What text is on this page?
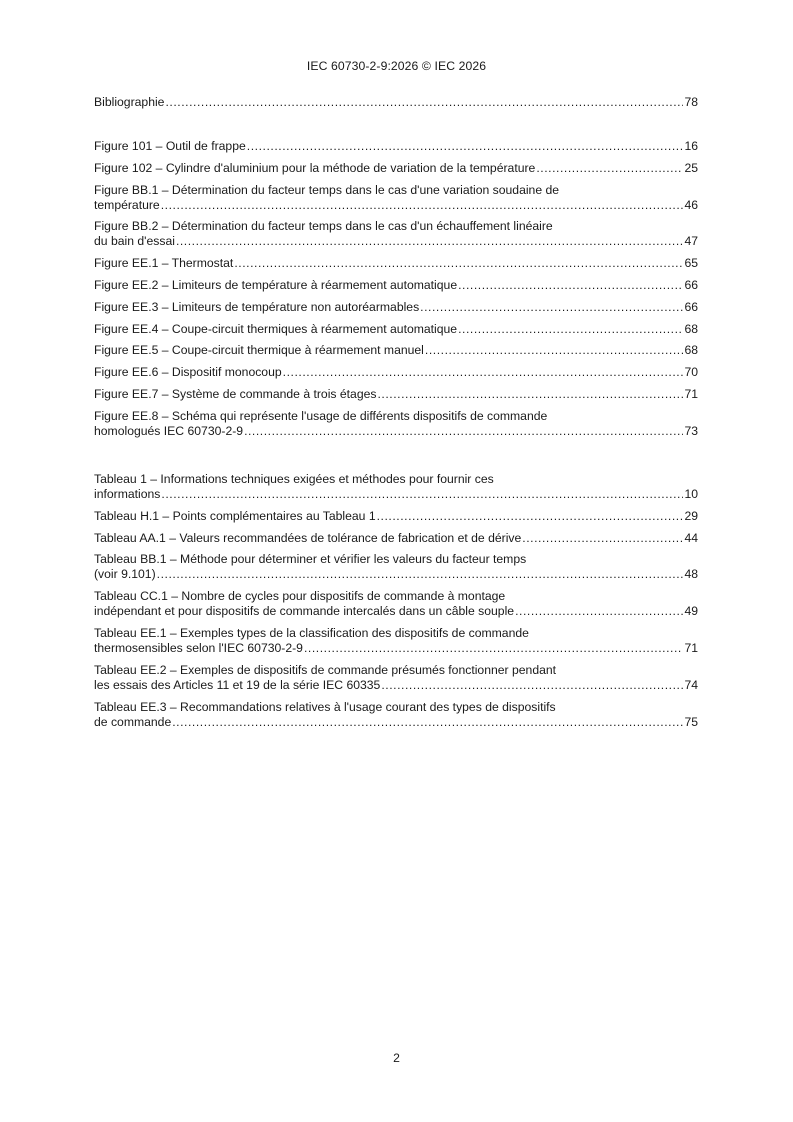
IEC 60730-2-9:2026 © IEC 2026
Bibliographie .....	78
Figure 101 – Outil de frappe .....	16
Figure 102 – Cylindre d'aluminium pour la méthode de variation de la température .....	25
Figure BB.1 – Détermination du facteur temps dans le cas d'une variation soudaine de
température .....	46
Figure BB.2 – Détermination du facteur temps dans le cas d'un échauffement linéaire
du bain d'essai .....	47
Figure EE.1 – Thermostat .....	65
Figure EE.2 – Limiteurs de température à réarmement automatique .....	66
Figure EE.3 – Limiteurs de température non autoréarmables .....	66
Figure EE.4 – Coupe-circuit thermiques à réarmement automatique .....	68
Figure EE.5 – Coupe-circuit thermique à réarmement manuel .....	68
Figure EE.6 – Dispositif monocoup .....	70
Figure EE.7 – Système de commande à trois étages .....	71
Figure EE.8 – Schéma qui représente l'usage de différents dispositifs de commande
homologués IEC 60730-2-9 .....	73
Tableau 1 – Informations techniques exigées et méthodes pour fournir ces
informations .....	10
Tableau H.1 – Points complémentaires au Tableau 1 .....	29
Tableau AA.1 – Valeurs recommandées de tolérance de fabrication et de dérive .....	44
Tableau BB.1 – Méthode pour déterminer et vérifier les valeurs du facteur temps
(voir 9.101) .....	48
Tableau CC.1 – Nombre de cycles pour dispositifs de commande à montage
indépendant et pour dispositifs de commande intercalés dans un câble souple .....	49
Tableau EE.1 – Exemples types de la classification des dispositifs de commande
thermosensibles selon l'IEC 60730-2-9 .....	71
Tableau EE.2 – Exemples de dispositifs de commande présumés fonctionner pendant
les essais des Articles 11 et 19 de la série IEC 60335 .....	74
Tableau EE.3 – Recommandations relatives à l'usage courant des types de dispositifs
de commande .....	75
2
